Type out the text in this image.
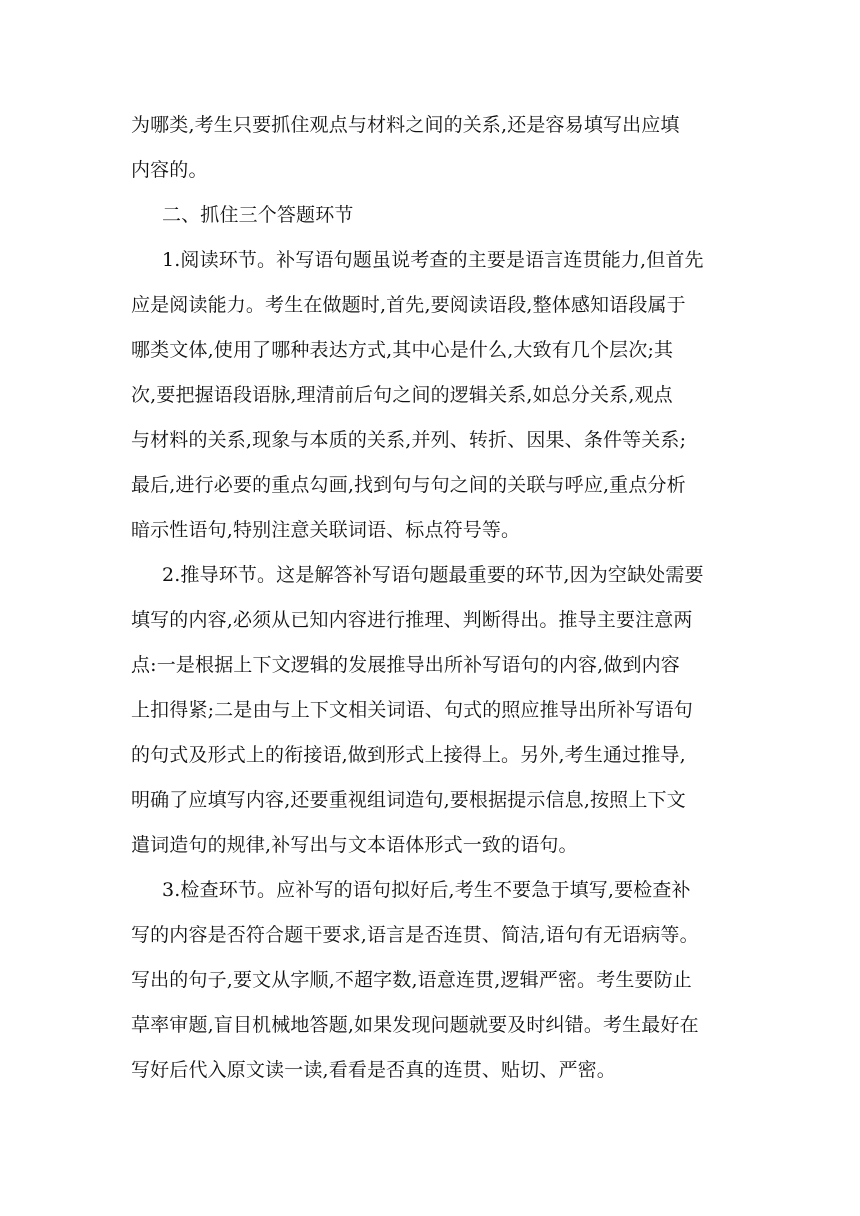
为哪类,考生只要抓住观点与材料之间的关系,还是容易填写出应填
内容的。
二、抓住三个答题环节
1.阅读环节。补写语句题虽说考查的主要是语言连贯能力,但首先
应是阅读能力。考生在做题时,首先,要阅读语段,整体感知语段属于
哪类文体,使用了哪种表达方式,其中心是什么,大致有几个层次;其
次,要把握语段语脉,理清前后句之间的逻辑关系,如总分关系,观点
与材料的关系,现象与本质的关系,并列、转折、因果、条件等关系;
最后,进行必要的重点勾画,找到句与句之间的关联与呼应,重点分析
暗示性语句,特别注意关联词语、标点符号等。
2.推导环节。这是解答补写语句题最重要的环节,因为空缺处需要
填写的内容,必须从已知内容进行推理、判断得出。推导主要注意两
点:一是根据上下文逻辑的发展推导出所补写语句的内容,做到内容
上扣得紧;二是由与上下文相关词语、句式的照应推导出所补写语句
的句式及形式上的衔接语,做到形式上接得上。另外,考生通过推导,
明确了应填写内容,还要重视组词造句,要根据提示信息,按照上下文
遣词造句的规律,补写出与文本语体形式一致的语句。
3.检查环节。应补写的语句拟好后,考生不要急于填写,要检查补
写的内容是否符合题干要求,语言是否连贯、简洁,语句有无语病等。
写出的句子,要文从字顺,不超字数,语意连贯,逻辑严密。考生要防止
草率审题,盲目机械地答题,如果发现问题就要及时纠错。考生最好在
写好后代入原文读一读,看看是否真的连贯、贴切、严密。
